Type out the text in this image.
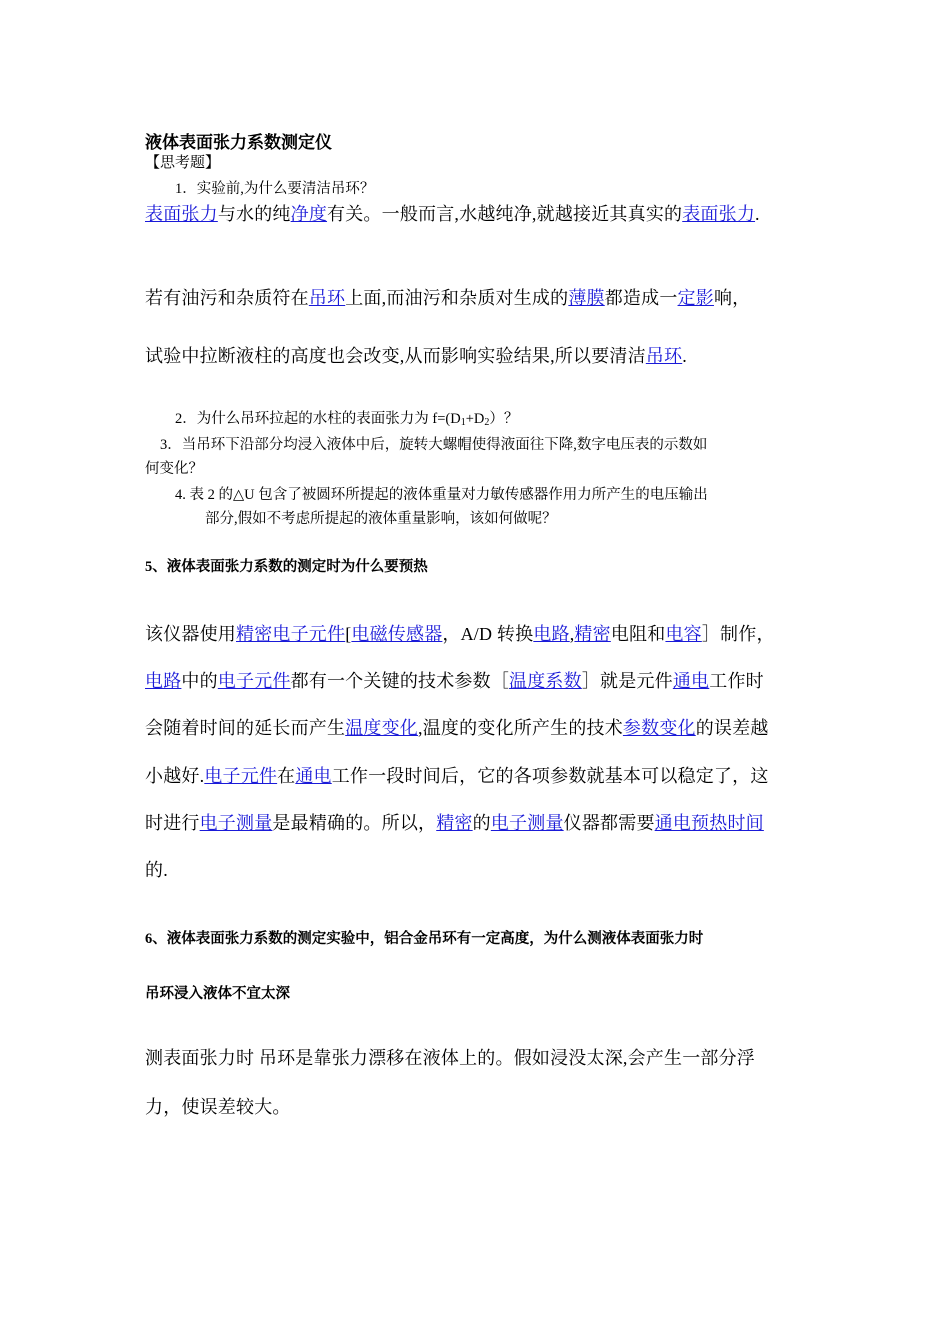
液体表面张力系数测定仪
【思考题】
1．实验前,为什么要清洁吊环？
表面张力与水的纯净度有关。一般而言,水越纯净,就越接近其真实的表面张力.
若有油污和杂质符在吊环上面,而油污和杂质对生成的薄膜都造成一定影响，
试验中拉断液柱的高度也会改变,从而影响实验结果,所以要清洁吊环.
2．为什么吊环拉起的水柱的表面张力为 $f=(D_1+D_2)$？
3．当吊环下沿部分均浸入液体中后，旋转大螺帽使得液面往下降,数字电压表的示数如
何变化？
4. 表 2 的△U 包含了被圆环所提起的液体重量对力敏传感器作用力所产生的电压输出
部分,假如不考虑所提起的液体重量影响，该如何做呢？
5、液体表面张力系数的测定时为什么要预热
该仪器使用精密电子元件[电磁传感器，A/D 转换电路,精密电阻和电容］制作，
电路中的电子元件都有一个关键的技术参数［温度系数］就是元件通电工作时
会随着时间的延长而产生温度变化,温度的变化所产生的技术参数变化的误差越
小越好.电子元件在通电工作一段时间后，它的各项参数就基本可以稳定了，这
时进行电子测量是最精确的。所以，精密的电子测量仪器都需要通电预热时间
的.
6、液体表面张力系数的测定实验中，铝合金吊环有一定高度，为什么测液体表面张力时
吊环浸入液体不宜太深
测表面张力时 吊环是靠张力漂移在液体上的。假如浸没太深,会产生一部分浮
力，使误差较大。
